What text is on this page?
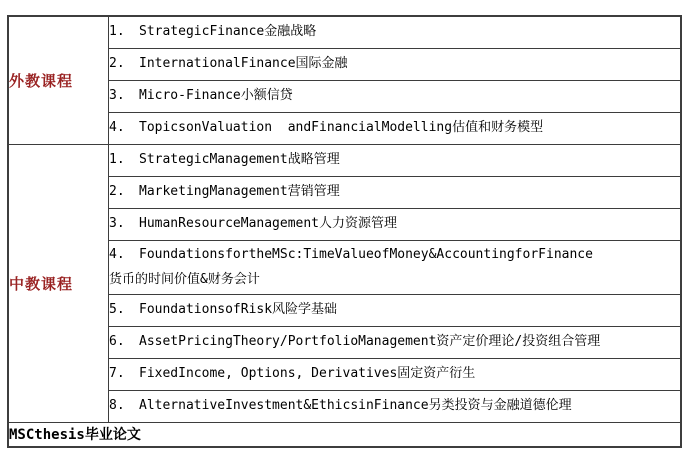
外教课程	1. StrategicFinance金融战略
	2. InternationalFinance国际金融
	3. Micro-Finance小额信贷
	4. TopicsonValuation  andFinancialModelling估值和财务模型
中教课程	1. StrategicManagement战略管理
	2. MarketingManagement营销管理
	3. HumanResourceManagement人力资源管理

	4. FoundationsfortheMSc:TimeValueofMoney&AccountingforFinance
货币的时间价值&财务会计

	5. FoundationsofRisk风险学基础
	6. AssetPricingTheory/PortfolioManagement资产定价理论/投资组合管理
	7. FixedIncome, Options, Derivatives固定资产衍生
	8. AlternativeInvestment&EthicsinFinance另类投资与金融道德伦理
MSCthesis毕业论文	
